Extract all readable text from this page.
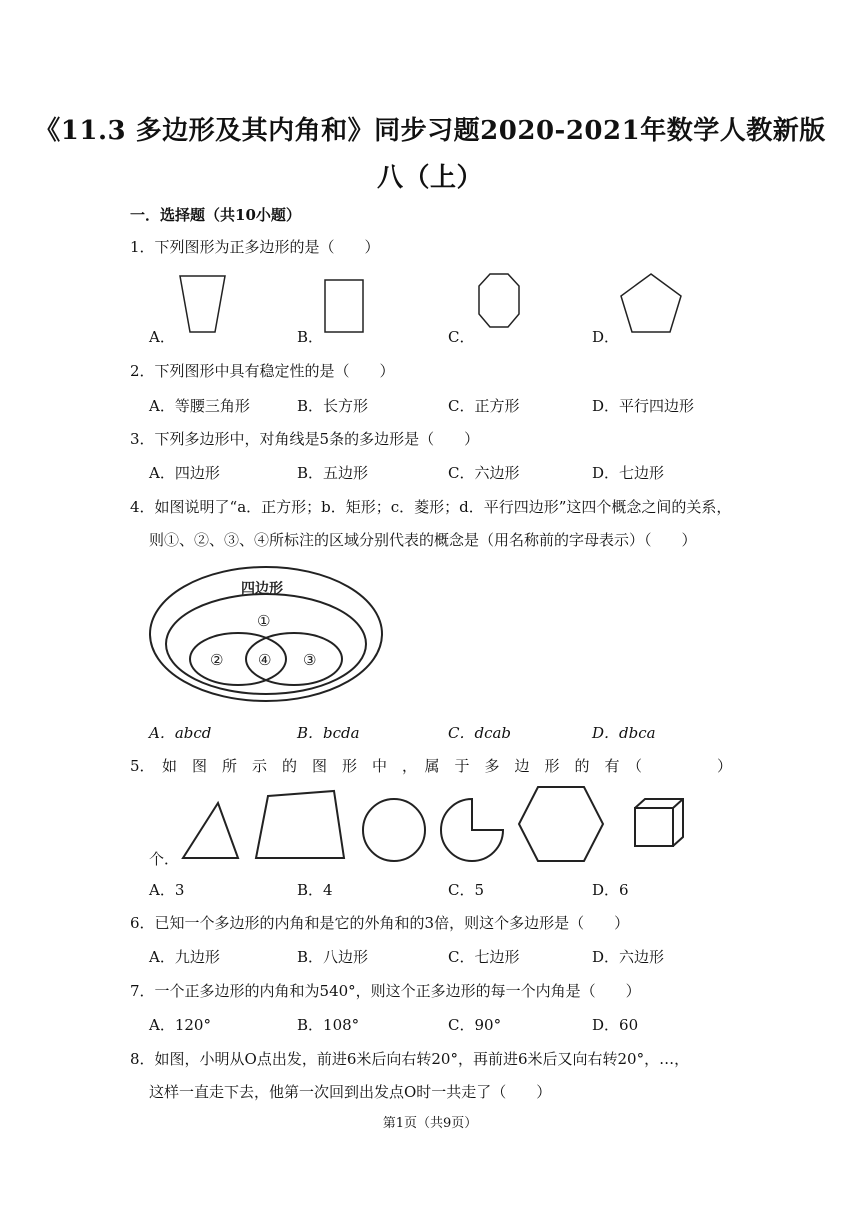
《11.3 多边形及其内角和》同步习题2020-2021年数学人教新版
八（上）
一．选择题（共10小题）
1．下列图形为正多边形的是（　　）
A．	B．	C．	D．
2．下列图形中具有稳定性的是（　　）
A．等腰三角形	B．长方形	C．正方形	D．平行四边形
3．下列多边形中，对角线是5条的多边形是（　　）
A．四边形	B．五边形	C．六边形	D．七边形
4．如图说明了“a．正方形；b．矩形；c．菱形；d．平行四边形”这四个概念之间的关系，
则①、②、③、④所标注的区域分别代表的概念是（用名称前的字母表示）（　　）
四边形
①
② ④ ③
A．abcd	B．bcda	C．dcab	D．dbca
5．　如　图　所　示　的　图　形　中　，　属　于　多　边　形　的　有　（　　　　　）
个．
A．3	B．4	C．5	D．6
6．已知一个多边形的内角和是它的外角和的3倍，则这个多边形是（　　）
A．九边形	B．八边形	C．七边形	D．六边形
7．一个正多边形的内角和为540°，则这个正多边形的每一个内角是（　　）
A．120°	B．108°	C．90°	D．60
8．如图，小明从O点出发，前进6米后向右转20°，再前进6米后又向右转20°，…，
这样一直走下去，他第一次回到出发点O时一共走了（　　）
第1页（共9页）
